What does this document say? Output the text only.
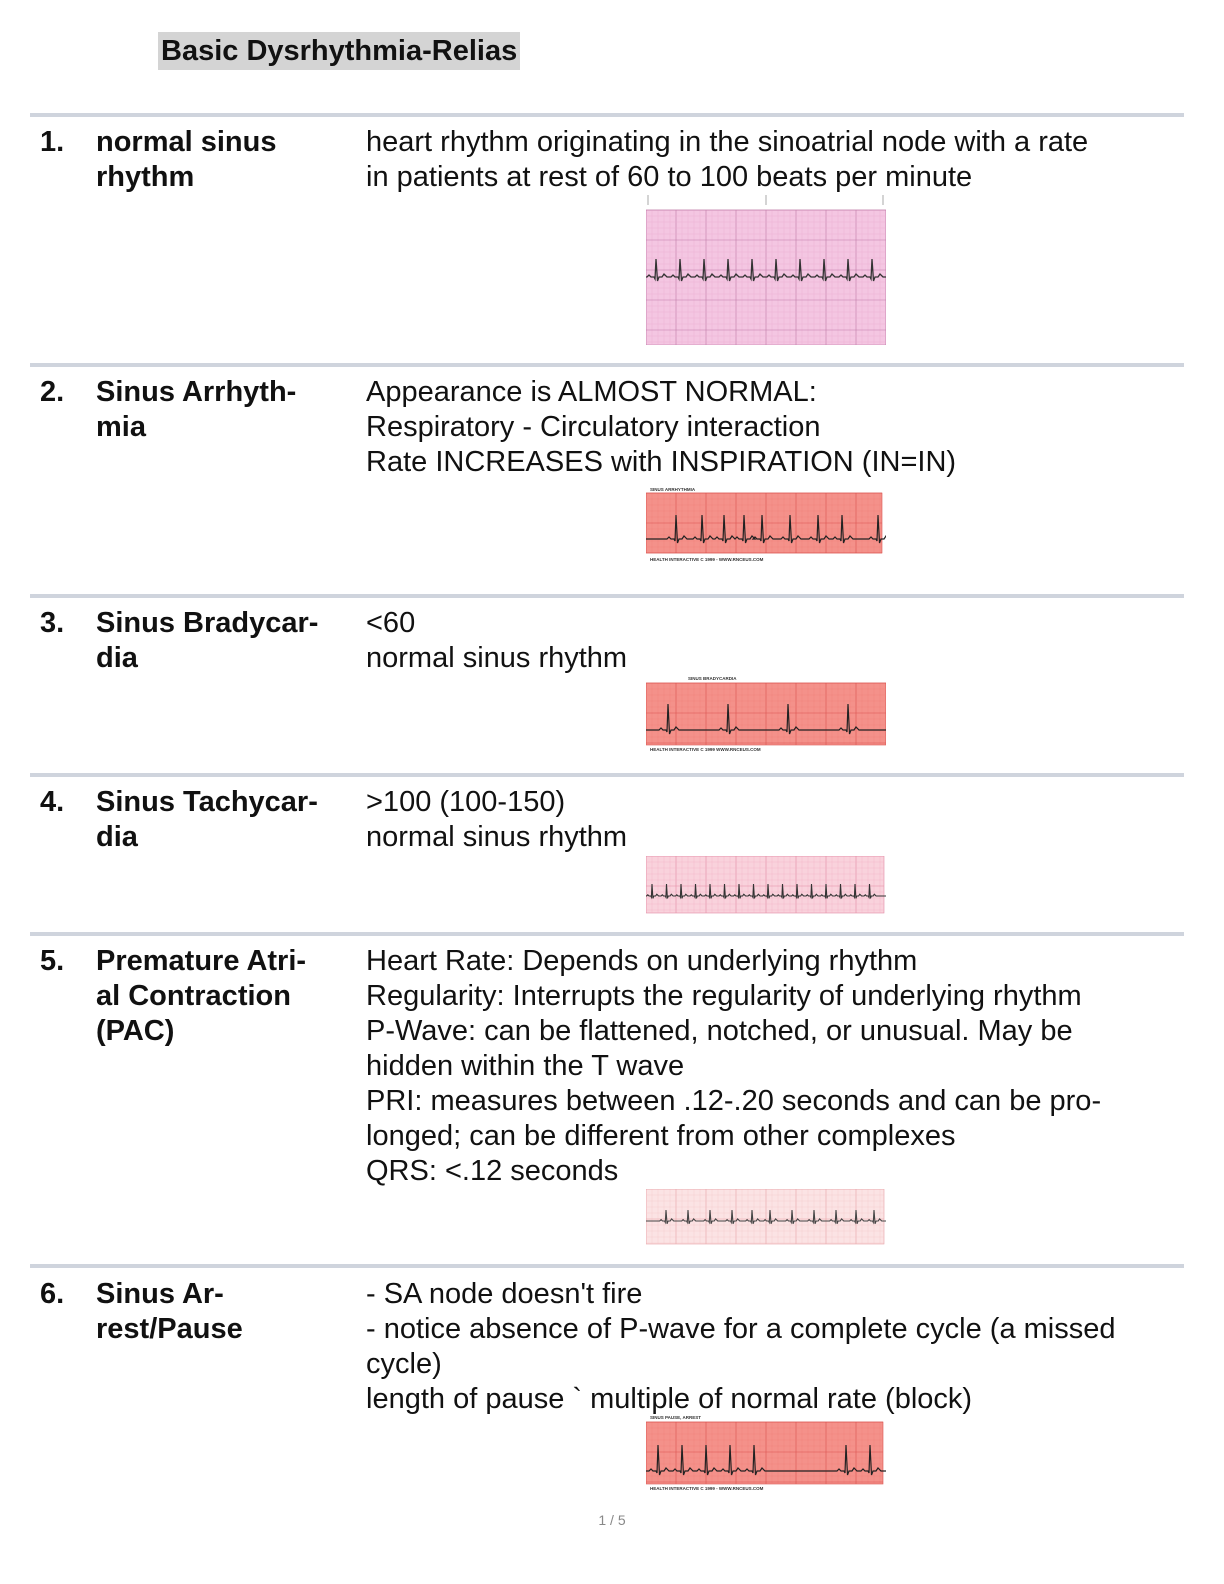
Basic Dysrhythmia-Relias
1. normal sinus
rhythm
heart rhythm originating in the sinoatrial node with a rate
in patients at rest of 60 to 100 beats per minute
2. Sinus Arrhyth-
mia
Appearance is ALMOST NORMAL:
Respiratory - Circulatory interaction
Rate INCREASES with INSPIRATION (IN=IN)
SINUS ARRHYTHMIA
HEALTH INTERACTIVE C 1999 - WWW.RNCEUS.COM
3. Sinus Bradycar-
dia
<60
normal sinus rhythm
SINUS BRADYCARDIA
HEALTH INTERACTIVE C 1999 WWW.RNCEUS.COM
4. Sinus Tachycar-
dia
>100 (100-150)
normal sinus rhythm
5. Premature Atri-
al Contraction
(PAC)
Heart Rate: Depends on underlying rhythm
Regularity: Interrupts the regularity of underlying rhythm
P-Wave: can be flattened, notched, or unusual. May be
hidden within the T wave
PRI: measures between .12-.20 seconds and can be pro-
longed; can be different from other complexes
QRS: <.12 seconds
6. Sinus Ar-
rest/Pause
- SA node doesn't fire
- notice absence of P-wave for a complete cycle (a missed
cycle)
length of pause ` multiple of normal rate (block)
SINUS PAUSE, ARREST
HEALTH INTERACTIVE C 1999 - WWW.RNCEUS.COM
1 / 5
